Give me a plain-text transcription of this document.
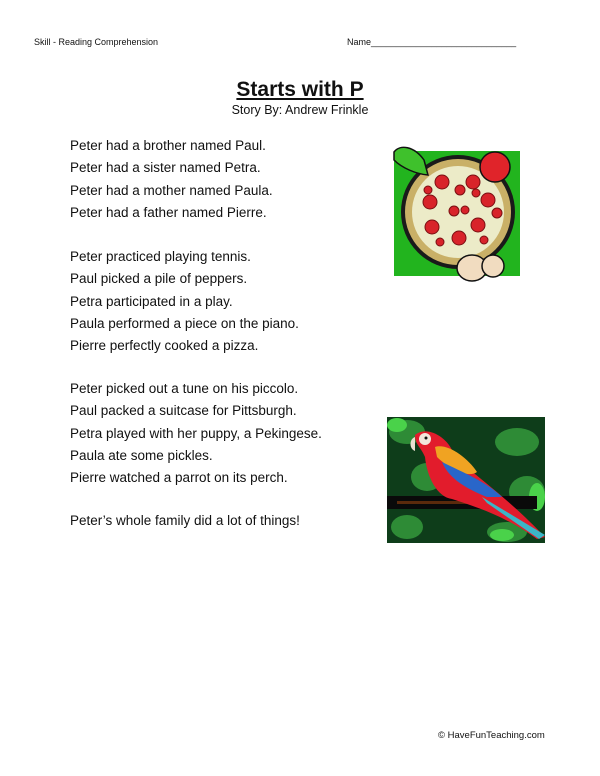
Skill - Reading Comprehension	Name_____________________________
Starts with P
Story By: Andrew Frinkle
Peter had a brother named Paul.
Peter had a sister named Petra.
Peter had a mother named Paula.
Peter had a father named Pierre.
Peter practiced playing tennis.
Paul picked a pile of peppers.
Petra participated in a play.
Paula performed a piece on the piano.
Pierre perfectly cooked a pizza.
Peter picked out a tune on his piccolo.
Paul packed a suitcase for Pittsburgh.
Petra played with her puppy, a Pekingese.
Paula ate some pickles.
Pierre watched a parrot on its perch.
Peter’s whole family did a lot of things!
© HaveFunTeaching.com
